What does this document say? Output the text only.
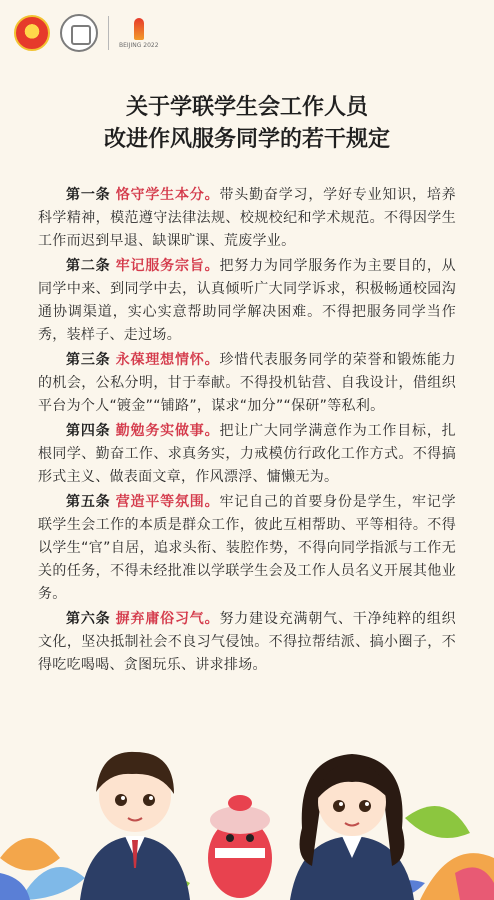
BEIJING 2022
关于学联学生会工作人员
改进作风服务同学的若干规定

第一条 恪守学生本分。带头勤奋学习，学好专业知识，培养科学精神，模范遵守法律法规、校规校纪和学术规范。不得因学生工作而迟到早退、缺课旷课、荒废学业。

第二条 牢记服务宗旨。把努力为同学服务作为主要目的，从同学中来、到同学中去，认真倾听广大同学诉求，积极畅通校园沟通协调渠道，实心实意帮助同学解决困难。不得把服务同学当作秀，装样子、走过场。

第三条 永葆理想情怀。珍惜代表服务同学的荣誉和锻炼能力的机会，公私分明，甘于奉献。不得投机钻营、自我设计，借组织平台为个人“镀金”“铺路”，谋求“加分”“保研”等私利。

第四条 勤勉务实做事。把让广大同学满意作为工作目标，扎根同学、勤奋工作、求真务实，力戒模仿行政化工作方式。不得搞形式主义、做表面文章，作风漂浮、慵懒无为。

第五条 营造平等氛围。牢记自己的首要身份是学生，牢记学联学生会工作的本质是群众工作，彼此互相帮助、平等相待。不得以学生“官”自居，追求头衔、装腔作势，不得向同学指派与工作无关的任务，不得未经批准以学联学生会及工作人员名义开展其他业务。

第六条 摒弃庸俗习气。努力建设充满朝气、干净纯粹的组织文化，坚决抵制社会不良习气侵蚀。不得拉帮结派、搞小圈子，不得吃吃喝喝、贪图玩乐、讲求排场。
